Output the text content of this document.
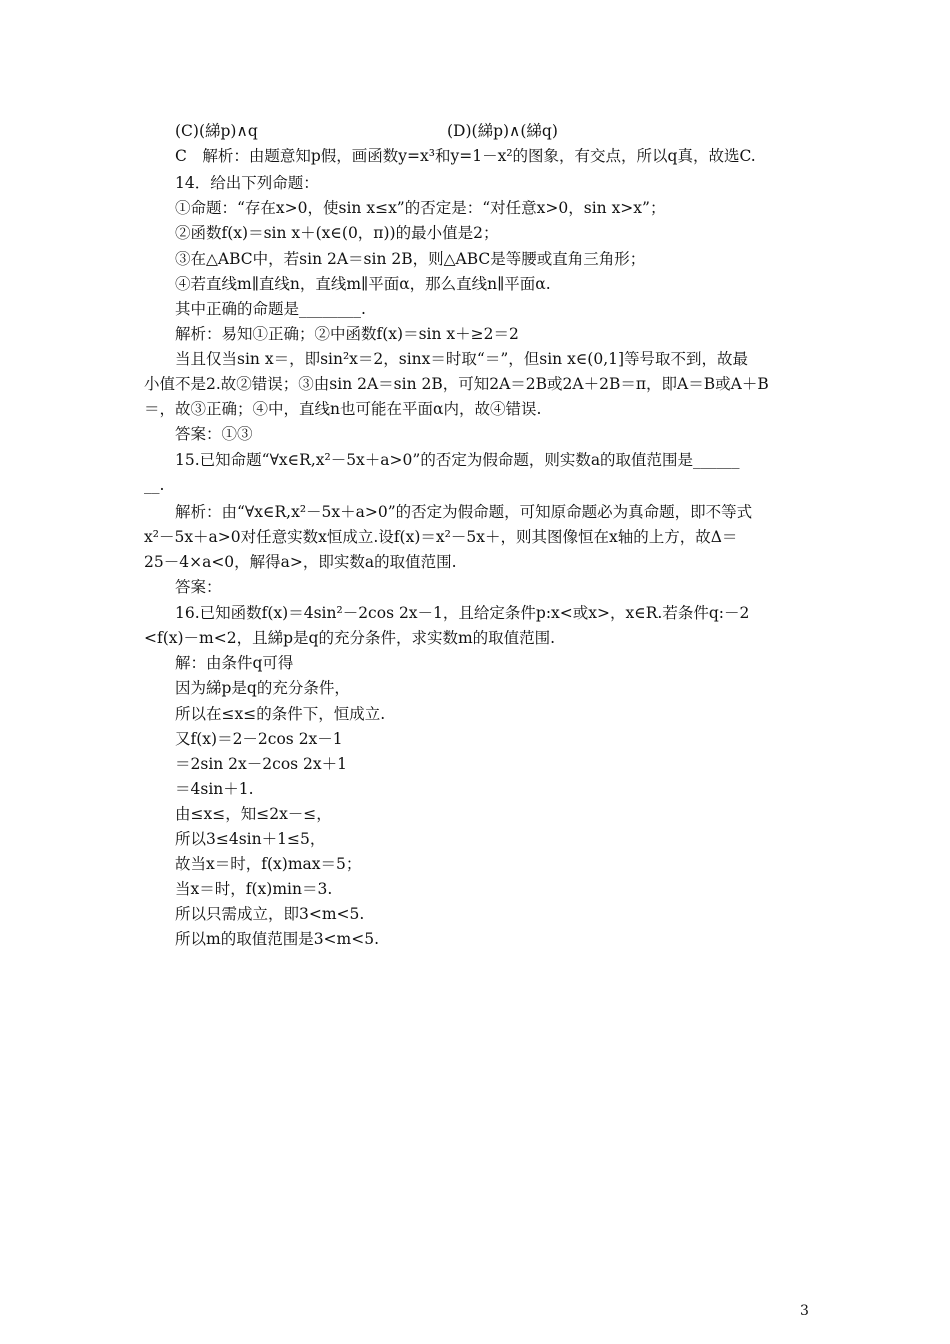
(C)(綈p)∧q	(D)(綈p)∧(綈q)
C　解析：由题意知p假，画函数y=x³和y=1－x²的图象，有交点，所以q真，故选C.
14．给出下列命题：
①命题：“存在x>0，使sin x≤x”的否定是：“对任意x>0，sin x>x”；
②函数f(x)＝sin x＋(x∈(0，π))的最小值是2；
③在△ABC中，若sin 2A＝sin 2B，则△ABC是等腰或直角三角形；
④若直线m∥直线n，直线m∥平面α，那么直线n∥平面α.
其中正确的命题是________.
解析：易知①正确；②中函数f(x)＝sin x＋≥2＝2
当且仅当sin x＝，即sin²x＝2，sinx＝时取“＝”，但sin x∈(0,1]等号取不到，故最
小值不是2.故②错误；③由sin 2A＝sin 2B，可知2A＝2B或2A＋2B＝π，即A＝B或A＋B
＝，故③正确；④中，直线n也可能在平面α内，故④错误.
答案：①③
15.已知命题“∀x∈R,x²－5x＋a>0”的否定为假命题，则实数a的取值范围是______
__.
解析：由“∀x∈R,x²－5x＋a>0”的否定为假命题，可知原命题必为真命题，即不等式
x²－5x＋a>0对任意实数x恒成立.设f(x)＝x²－5x＋，则其图像恒在x轴的上方，故Δ＝
25－4×a<0，解得a>，即实数a的取值范围.
答案：
16.已知函数f(x)＝4sin²－2cos 2x－1，且给定条件p:x<或x>，x∈R.若条件q:－2
<f(x)－m<2，且綈p是q的充分条件，求实数m的取值范围.
解：由条件q可得
因为綈p是q的充分条件，
所以在≤x≤的条件下，恒成立.
又f(x)＝2－2cos 2x－1
＝2sin 2x－2cos 2x＋1
＝4sin＋1.
由≤x≤，知≤2x－≤，
所以3≤4sin＋1≤5，
故当x＝时，f(x)max＝5；
当x＝时，f(x)min＝3.
所以只需成立，即3<m<5.
所以m的取值范围是3<m<5.
3
